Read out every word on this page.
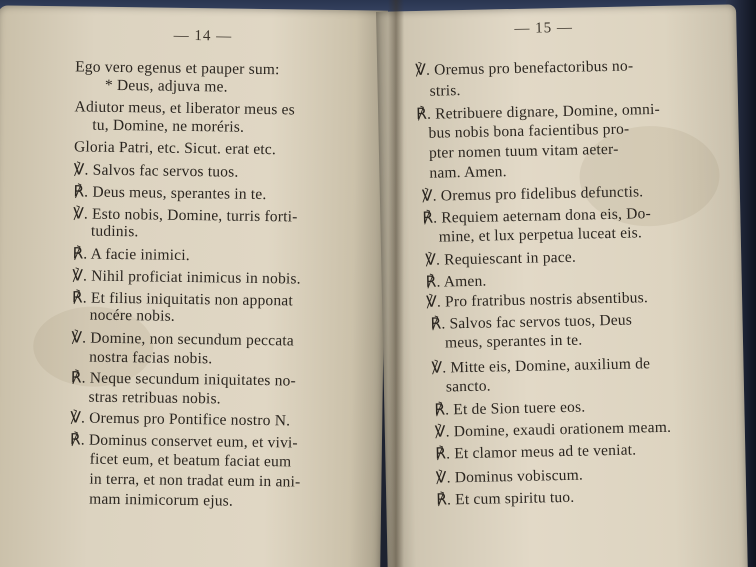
— 14 —
Ego vero egenus et pauper sum:
* Deus, adjuva me.
Adiutor meus, et liberator meus es
tu, Domine, ne moréris.
Gloria Patri, etc. Sicut. erat etc.
℣. Salvos fac servos tuos.
℟. Deus meus, sperantes in te.
℣. Esto nobis, Domine, turris forti-
tudinis.
℟. A facie inimici.
℣. Nihil proficiat inimicus in nobis.
℟. Et filius iniquitatis non apponat
nocére nobis.
℣. Domine, non secundum peccata
nostra facias nobis.
℟. Neque secundum iniquitates no-
stras retribuas nobis.
℣. Oremus pro Pontifice nostro N.
℟. Dominus conservet eum, et vivi-
ficet eum, et beatum faciat eum
in terra, et non tradat eum in ani-
mam inimicorum ejus.
— 15 —
℣. Oremus pro benefactoribus no-
stris.
℟. Retribuere dignare, Domine, omni-
bus nobis bona facientibus pro-
pter nomen tuum vitam aeter-
nam. Amen.
℣. Oremus pro fidelibus defunctis.
℟. Requiem aeternam dona eis, Do-
mine, et lux perpetua luceat eis.
℣. Requiescant in pace.
℟. Amen.
℣. Pro fratribus nostris absentibus.
℟. Salvos fac servos tuos, Deus
meus, sperantes in te.
℣. Mitte eis, Domine, auxilium de
sancto.
℟. Et de Sion tuere eos.
℣. Domine, exaudi orationem meam.
℟. Et clamor meus ad te veniat.
℣. Dominus vobiscum.
℟. Et cum spiritu tuo.
